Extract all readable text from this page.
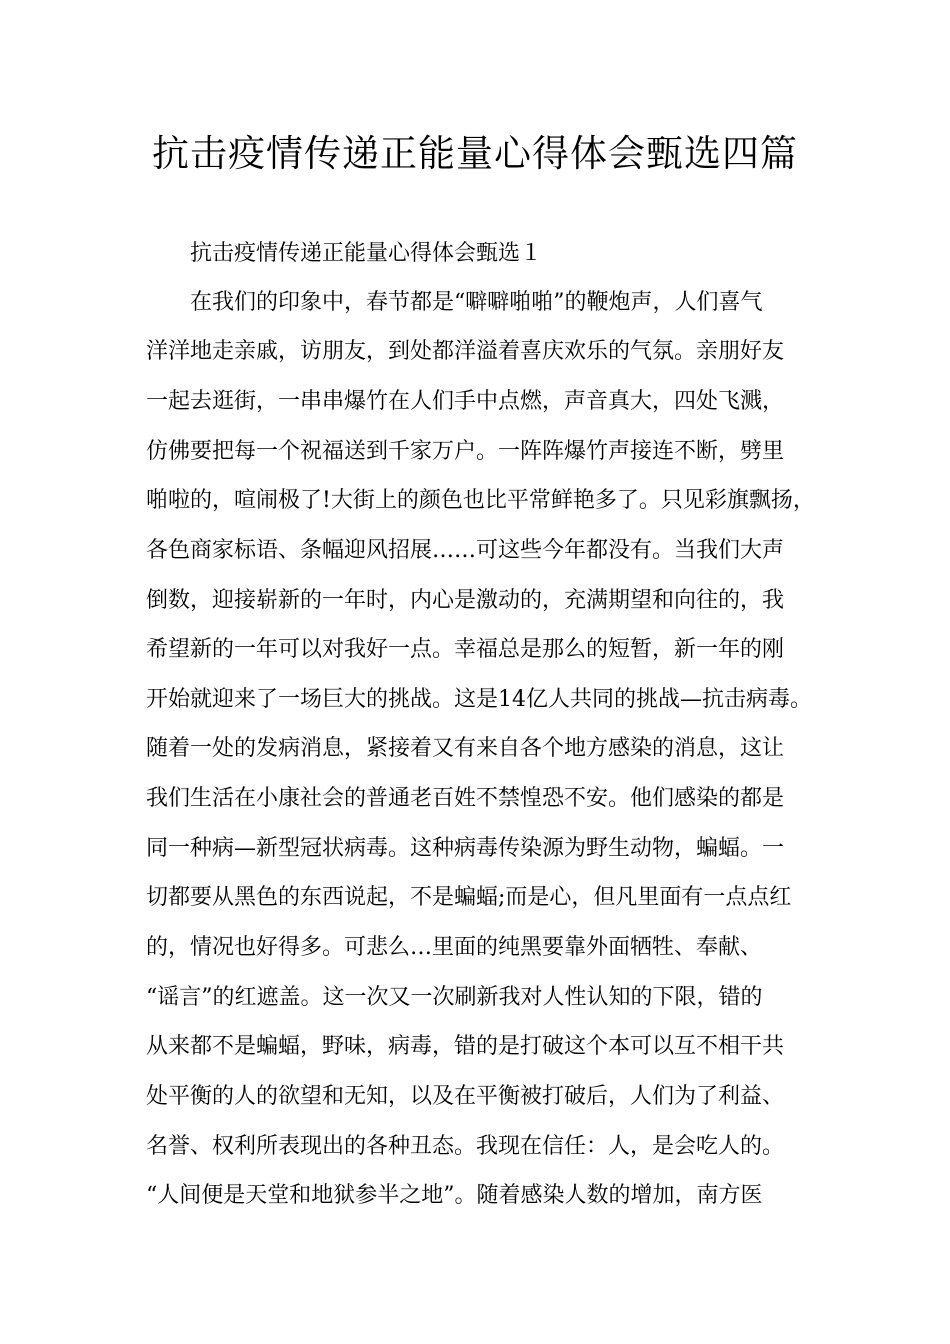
抗击疫情传递正能量心得体会甄选四篇

抗击疫情传递正能量心得体会甄选１

在我们的印象中，春节都是“噼噼啪啪”的鞭炮声，人们喜气

洋洋地走亲戚，访朋友，到处都洋溢着喜庆欢乐的气氛。亲朋好友

一起去逛街，一串串爆竹在人们手中点燃，声音真大，四处飞溅，

仿佛要把每一个祝福送到千家万户。一阵阵爆竹声接连不断，劈里

啪啦的，喧闹极了!大街上的颜色也比平常鲜艳多了。只见彩旗飘扬，

各色商家标语、条幅迎风招展……可这些今年都没有。当我们大声

倒数，迎接崭新的一年时，内心是激动的，充满期望和向往的，我

希望新的一年可以对我好一点。幸福总是那么的短暂，新一年的刚

开始就迎来了一场巨大的挑战。这是14亿人共同的挑战—抗击病毒。

随着一处的发病消息，紧接着又有来自各个地方感染的消息，这让

我们生活在小康社会的普通老百姓不禁惶恐不安。他们感染的都是

同一种病—新型冠状病毒。这种病毒传染源为野生动物，蝙蝠。一

切都要从黑色的东西说起，不是蝙蝠;而是心，但凡里面有一点点红

的，情况也好得多。可悲么…里面的纯黑要靠外面牺牲、奉献、

“谣言”的红遮盖。这一次又一次刷新我对人性认知的下限，错的

从来都不是蝙蝠，野味，病毒，错的是打破这个本可以互不相干共

处平衡的人的欲望和无知，以及在平衡被打破后，人们为了利益、

名誉、权利所表现出的各种丑态。我现在信任：人，是会吃人的。

“人间便是天堂和地狱参半之地”。随着感染人数的增加，南方医
